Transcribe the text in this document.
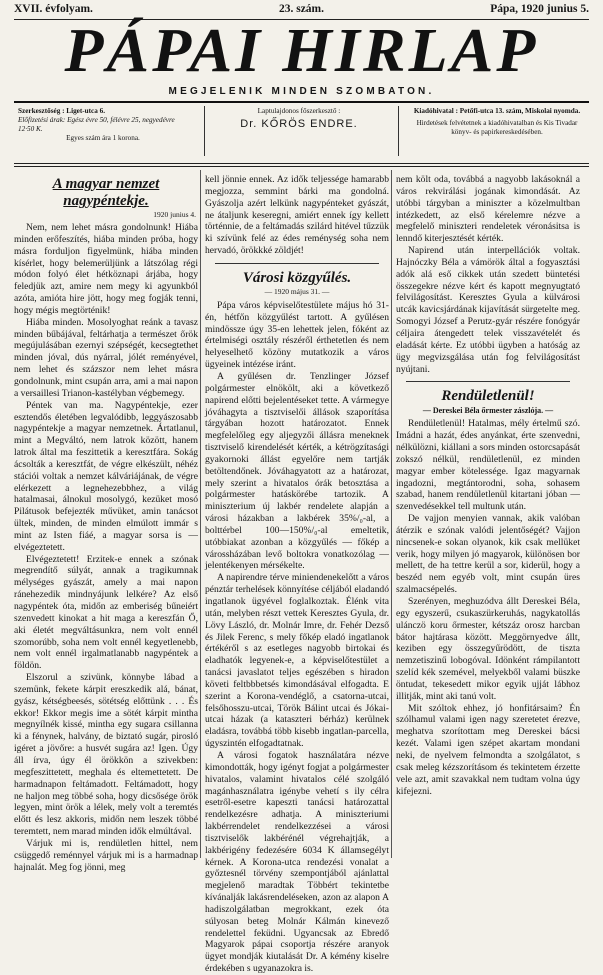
XVII. évfolyam.	23. szám.	Pápa, 1920 junius 5.
PÁPAI HIRLAP
MEGJELENIK MINDEN SZOMBATON.
Szerkesztőség : Liget-utca 6.
Előfizetési árak: Egész évre 50, félévre 25, negyedévre 12·50 K.
Egyes szám ára 1 korona.
Laptulajdonos főszerkesztő :
Dr. KŐRÖS ENDRE.
Kiadóhivatal : Petőfi-utca 13. szám, Miskolai nyomda.
Hirdetések felvétetnek a kiadóhivatalban és Kis Tivadar könyv- és papirkereskedésében.
A magyar nemzet nagypéntekje.
1920 junius 4.

Nem, nem lehet másra gondolnunk! Hiába minden erőfeszítés, hiába minden próba, hogy másra forduljon figyelmünk, hiába minden kísérlet, hogy belemerüljünk a látszólag régi módon folyó élet hétköznapi árjába, hogy feledjük azt, amire nem megy ki agyunkból azóta, amióta hire jött, hogy meg fogják tenni, hogy mégis megtörténik!

Hiába minden. Mosolyoghat reánk a tavasz minden bűbájával, feltárhatja a természet őrök megújulásában ezernyi szépségét, kecsegtethet minden jóval, dús nyárral, jólét reményével, nem lehet és százszor nem lehet másra gondolnunk, mint csupán arra, ami a mai napon a versaillesi Trianon-kastélyban végbemegy.

Péntek van ma. Nagypéntekje, ezer esztendős életében legvalódibb, leggyászosabb nagypéntekje a magyar nemzetnek. Ártatlanul, mint a Megváltó, nem latrok között, hanem latrok által ma feszittetik a keresztfára. Sokág ácsolták a keresztfát, de végre elkészült, néhéz stációi voltak a nemzet kálváriájának, de végre elérkezett a legnehezebbhez, a világ hatalmasai, álnokul mosolygó, kezüket mosó Pilátusok befejezték művüket, amin tanácsot ültek, minden, de minden elmúlott immár s mint az Isten fiáé, a magyar sorsa is — elvégeztetett.

Elvégeztetett! Erzitek-e ennek a szónak megrendítő súlyát, annak a tragikumnak mélységes gyászát, amely a mai napon ránehezedik mindnyájunk lelkére? Az első nagypéntek óta, midőn az emberiség bűneiért szenvedett kinokat a hit maga a kereszfán Ő, aki életét megváltásunkra, nem volt ennél szomorúbb, soha nem volt ennél kegyetlenebb, nem volt ennél irgalmatlanabb nagypéntek a földön.

Elszorul a szivünk, könnybe lábad a szemünk, fekete kárpit ereszkedik alá, bánat, gyász, kétségbeesés, sötétség előttünk . . . És ekkor! Ekkor megis ime a sötét kárpit mintha megnyílnék kissé, mintha egy sugara csillanna ki a fénynek, halvány, de biztató sugár, pirosló igéret a jövőre: a husvét sugára az! Igen. Úgy áll írva, úgy él örökkön a szivekben: megfeszittetett, meghala és eltemettetett. De harmadnapon feltámadott. Feltámadott, hogy ne haljon meg többé soha, hogy dicsősége örök legyen, mint örök a lélek, mely volt a teremtés előtt és lesz akkoris, midőn nem leszek többé teremtett, nem marad minden idők elmúltával.

Várjuk mi is, rendületlen hittel, nem csüggedő reménnyel várjuk mi is a harmadnap hajnalát. Meg fog jönni, meg

kell jönnie ennek. Az idők teljessége hamarabb megjozza, semmint bárki ma gondolná. Gyászolja azért lelkünk nagypénteket gyászát, ne átaljunk keseregni, amiért ennek így kellett történnie, de a feltámadás szilárd hitével tűzzük ki szívünk felé az édes reménység soha nem hervadó, örökkké zöldjét!

Városi közgyűlés.
— 1920 május 31. —

Pápa város képviselőtestülete május hó 31-én, hétfőn közgyűlést tartott. A gyűlésen mindössze úgy 35-en lehettek jelen, fóként az értelmiségi osztály részéről érthetetlen és nem helyeselhető közöny mutatkozik a város ügyeinek intézése iránt.

A gyűlésen dr. Tenzlinger József polgármester elnökölt, aki a következő napirend előtti bejelentéseket tette. A vármegye jóváhagyta a tisztviselői állások szaporítása tárgyában hozott határozatot. Ennek megfelelőleg egy aljegyzői állásra meneknek tisztviselő kirendelését kérték, a kétrögzítasági gyakornoki állást egyelőre nem tartják betöltendőnek. Jóváhagyatott az a határozat, mely szerint a hivatalos órák betosztása a polgármester hatáskörébe tartozik. A miniszterium új lakbér rendelete alapján a városi házakban a lakbérek 35%/₀-al, a bolttérbel 100—150%/₀-al emeltetik, utóbbiakat azonban a közgyűlés — főkép a várossházában levő boltokra vonatkozólag — jelentékenyen mérsékelte.

A napirendre térve miniendenekelőtt a város pénztár terhelések könnyítése céljából eladandó ingatlanok ügyével foglalkoztak. Élénk vita után, melyben részt vettek Keresztes Gyula, dr. Lövy László, dr. Molnár Imre, dr. Fehér Dezső és Jilek Ferenc, s mely főkép eladó ingatlanok értékéről s az esetleges nagyobb birtokai és eladhatók legyenek-e, a képviselőtestület a tanácsi javaslatot teljes egészében s hiradon követi feltbbbetsés kimondásával elfogadta. E szerint a Korona-vendéglő, a csatorna-utcai, felsőhosszu-utcai, Török Bálint utcai és Jókai-utcai házak (a kataszteri bérház) kerülnek eladásra, továbbá több kisebb ingatlan-parcella, úgyszintén elfogadtatnak.

A városi fogatok használatára nézve kimondották, hogy igényt fogjat a polgármester hivatalos, valamint hivatalos célé szolgáló magánhasználatra igénybe vehetí s ily célra esetről-esetre kapeszti tanácsi határozattal rendelkezésre adhatja. A miniszteriumi lakbérrendelet rendelkezzései a városi tisztviselők lakbérénél végrehajtják, a lakbérigény fedezésére 6034 K államsegélyt kérnek. A Korona-utca rendezési vonalat a győztesnél törvény szempontjából ajánlattal megjelenő maradtak Többért tekintetbe kívánalják lakásrendeléseken, azon az alapon A hadiszolgálatban megrokkant, ezek óta súlyosan beteg Molnár Kálmán kinevező rendelettel feküdni. Ugyancsak az Ebredő Magyarok pápai csoportja részére aranyok ügyet mondják kiutalását Dr. A kémény kiselre érdekében s ugyanazokra is.

nem költ oda, továbbá a nagyobb lakásoknál a város rekvirálási jogának kimondását. Az utóbbi tárgyban a miniszter a közelmultban intézkedett, az első kérelemre nézve a megfelelő miniszteri rendeletek véronásitsa is lenndő kiterjesztését kérték.

Napirend után interpellációk voltak. Hajnóczky Béla a vámörök által a fogyasztási adók alá eső cikkek után szedett büntetési összegekre nézve kért és kapott megnyugtató felvilágosítást. Keresztes Gyula a külvárosi utcák kavicsjárdának kijavítását sürgetelte meg. Somogyi József a Perutz-gyár részére fonógyár céljaira átengedett telek visszavételét és eladását kérte. Ez utóbbi ügyben a hatóság az ügy megvizsgálása után fog felvilágosítást nyújtani.

Rendületlenül!
— Dereskei Béla őrmester zászlója. —

Rendületlenül! Hatalmas, mély értelmű szó. Imádni a hazát, édes anyánkat, érte szenvedni, nélkülözni, kiállani a sors minden ostorcsapását zokszó nélkül, rendületlenül, ez minden magyar ember kötelessége. Igaz magyarnak ingadozni, megtántorodni, soha, sohasem szabad, hanem rendületlenül kitartani jóban — szenvedésekkel tell multunk után.

De vajjon menyien vannak, akik valóban átérzik e szónak valódi jelentőségét? Vajjon nincsenek-e sokan olyanok, kik csak mellüket verik, hogy milyen jó magyarok, különösen bor mellett, de ha tettre kerül a sor, kiderül, hogy a beszéd nem egyéb volt, mint csupán üres szalmacsépelés.

Szerényen, meghuzódva állt Dereskei Béla, egy egyszerű, csukaszürkeruhás, nagykatollás ulánczö koru őrmester, kétszáz orosz harcban bátor hajtárasa között. Meggörnyedve állt, keziben egy összegyűrödött, de tiszta nemzetiszinű lobogóval. Idönként rámpilantott szelíd kék szemével, melyekből valami büszke öntudat, tekesedett mikor egyik ujját lábhoz illitják, mint aki tanú volt.

Mit szóltok ehhez, jó honfitársaim? Én szólhamul valami igen nagy szeretetet érezve, meghatva szorítottam meg Dereskei bácsi kezét. Valami igen szépet akartam mondani neki, de nyelvem felmondta a szolgálatot, s csak meleg kézszorításom és tekintetem érzette vele azt, amit szavakkal nem tudtam volna úgy kifejezni.
